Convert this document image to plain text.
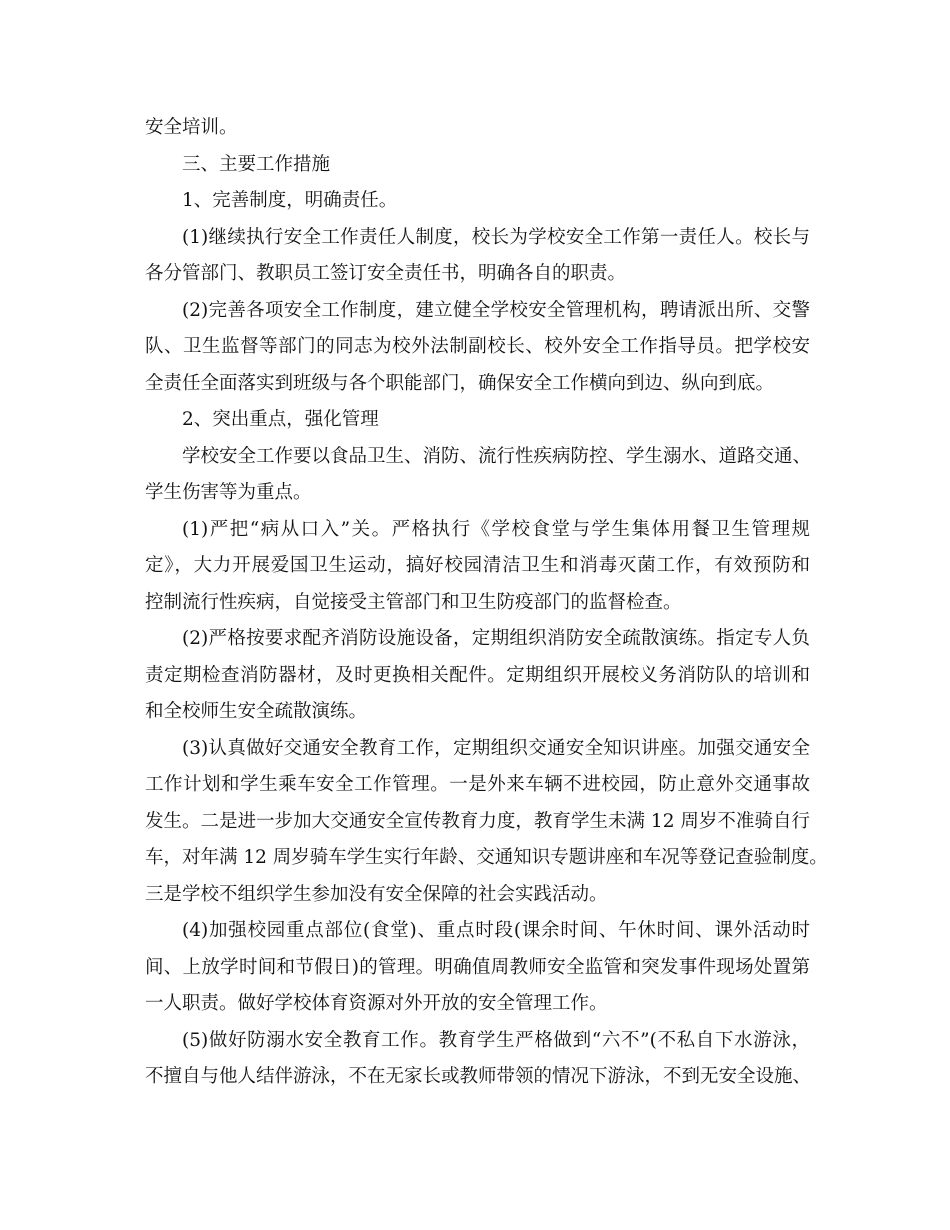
安全培训。
三、主要工作措施
1、完善制度，明确责任。
(1)继续执行安全工作责任人制度，校长为学校安全工作第一责任人。校长与
各分管部门、教职员工签订安全责任书，明确各自的职责。
(2)完善各项安全工作制度，建立健全学校安全管理机构，聘请派出所、交警
队、卫生监督等部门的同志为校外法制副校长、校外安全工作指导员。把学校安
全责任全面落实到班级与各个职能部门，确保安全工作横向到边、纵向到底。
2、突出重点，强化管理
学校安全工作要以食品卫生、消防、流行性疾病防控、学生溺水、道路交通、
学生伤害等为重点。
(1)严把“病从口入”关。严格执行《学校食堂与学生集体用餐卫生管理规
定》，大力开展爱国卫生运动，搞好校园清洁卫生和消毒灭菌工作，有效预防和
控制流行性疾病，自觉接受主管部门和卫生防疫部门的监督检查。
(2)严格按要求配齐消防设施设备，定期组织消防安全疏散演练。指定专人负
责定期检查消防器材，及时更换相关配件。定期组织开展校义务消防队的培训和
和全校师生安全疏散演练。
(3)认真做好交通安全教育工作，定期组织交通安全知识讲座。加强交通安全
工作计划和学生乘车安全工作管理。一是外来车辆不进校园，防止意外交通事故
发生。二是进一步加大交通安全宣传教育力度，教育学生未满 12 周岁不准骑自行
车，对年满 12 周岁骑车学生实行年龄、交通知识专题讲座和车况等登记查验制度。
三是学校不组织学生参加没有安全保障的社会实践活动。
(4)加强校园重点部位(食堂)、重点时段(课余时间、午休时间、课外活动时
间、上放学时间和节假日)的管理。明确值周教师安全监管和突发事件现场处置第
一人职责。做好学校体育资源对外开放的安全管理工作。
(5)做好防溺水安全教育工作。教育学生严格做到“六不”(不私自下水游泳，
不擅自与他人结伴游泳，不在无家长或教师带领的情况下游泳，不到无安全设施、
